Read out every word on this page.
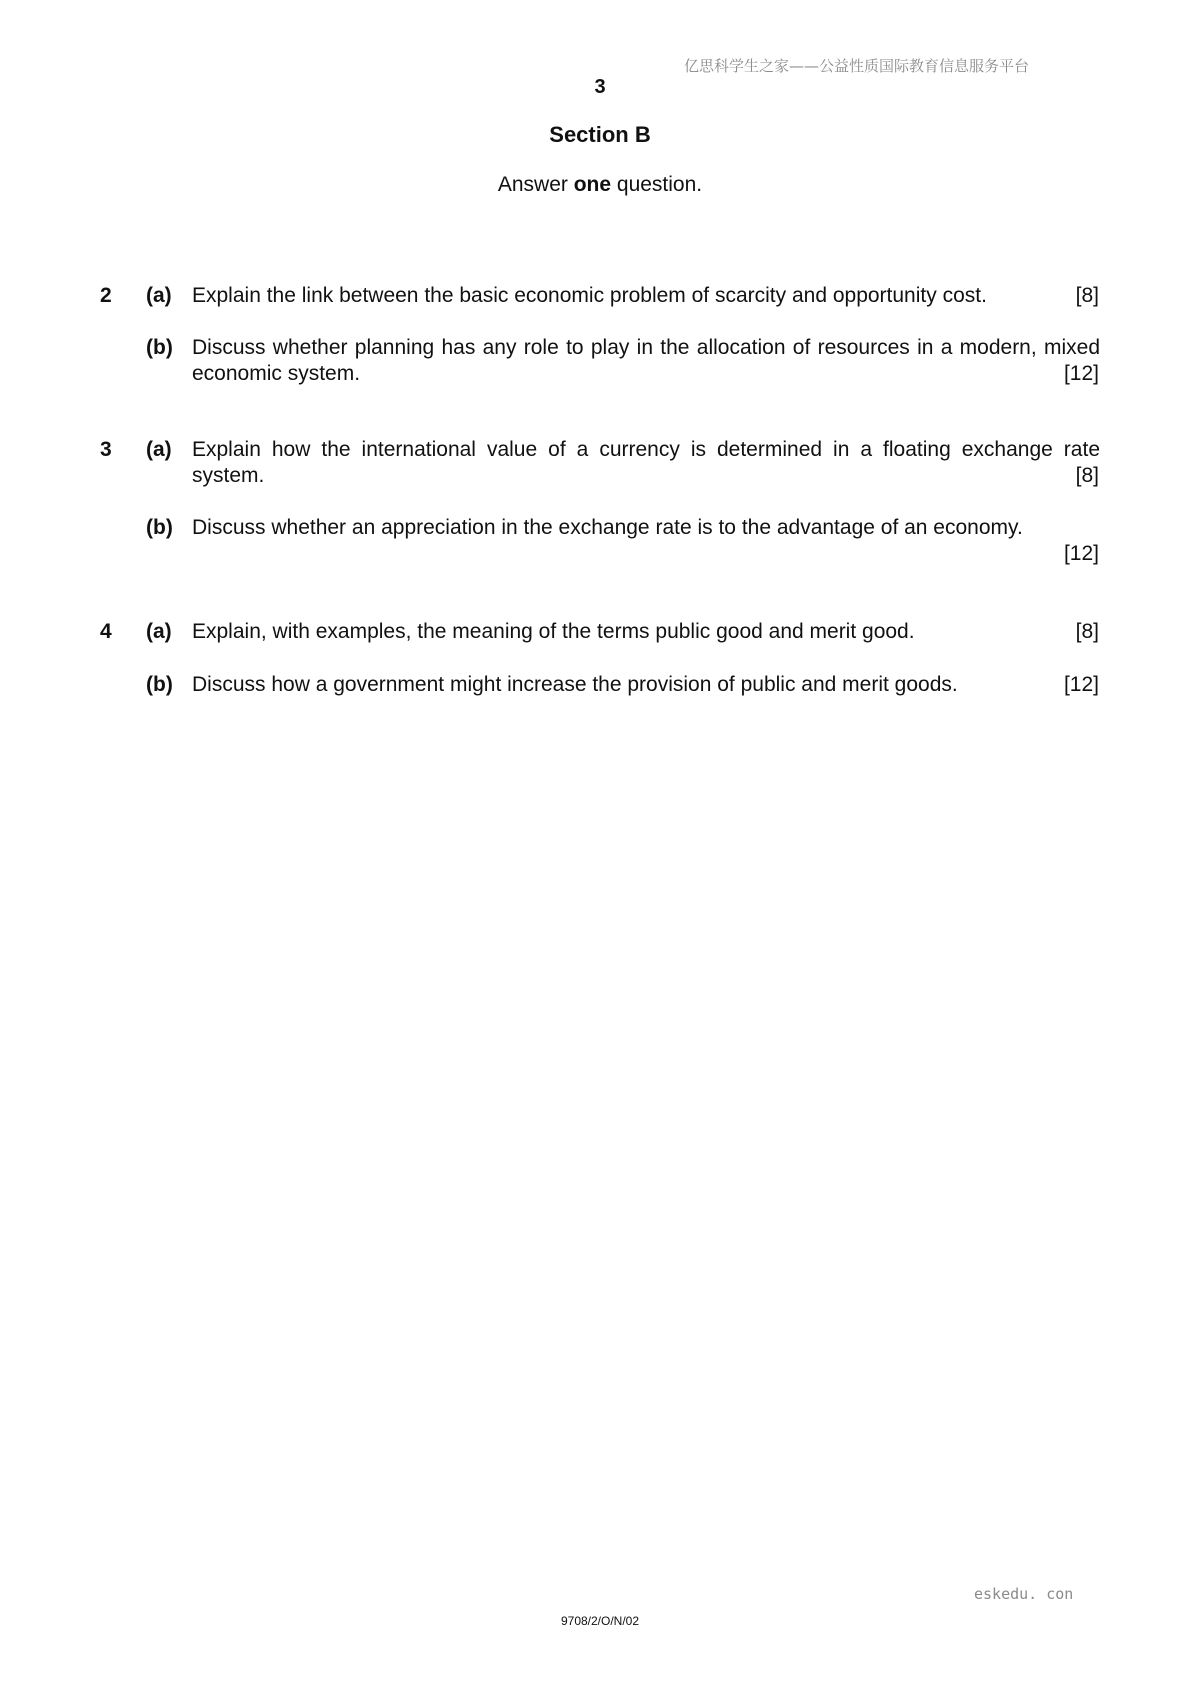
亿思科学生之家——公益性质国际教育信息服务平台
3
Section B
Answer one question.
2 (a) Explain the link between the basic economic problem of scarcity and opportunity cost.	[8]
(b) Discuss whether planning has any role to play in the allocation of resources in a modern, mixed economic system.	[12]
3 (a) Explain how the international value of a currency is determined in a floating exchange rate system.	[8]
(b) Discuss whether an appreciation in the exchange rate is to the advantage of an economy.
[12]
4 (a) Explain, with examples, the meaning of the terms public good and merit good.	[8]
(b) Discuss how a government might increase the provision of public and merit goods.	[12]
eskedu. con
9708/2/O/N/02
